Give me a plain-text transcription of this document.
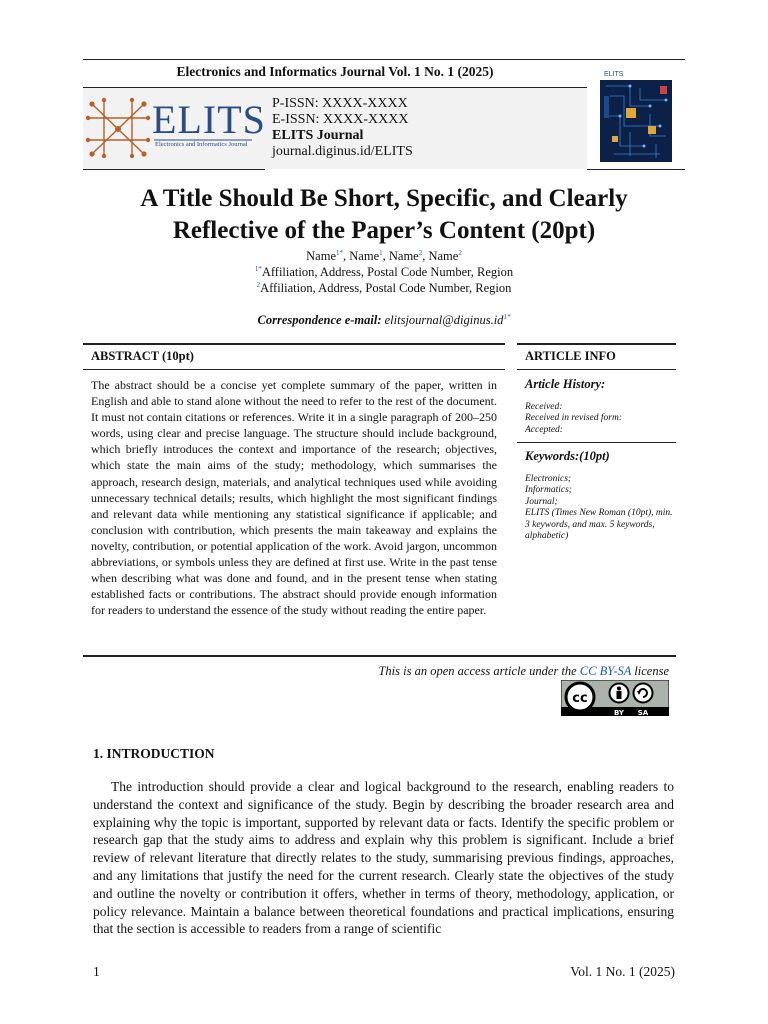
Electronics and Informatics Journal Vol. 1 No. 1 (2025)
ELITS
Electronics and Informatics Journal
P-ISSN: XXXX-XXXX
E-ISSN: XXXX-XXXX
ELITS Journal
journal.diginus.id/ELITS
ELITS
A Title Should Be Short, Specific, and Clearly
Reflective of the Paper’s Content (20pt)
Name$^{1*}$, Name$^1$, Name$^2$, Name$^2$
$^{1*}$Affiliation, Address, Postal Code Number, Region
$^2$Affiliation, Address, Postal Code Number, Region
Correspondence e-mail: $elitsjournal@diginus.id^{1*}$
ABSTRACT (10pt)	ARTICLE INFO
The abstract should be a concise yet complete summary of the paper, written in English and able to stand alone without the need to refer to the rest of the document. It must not contain citations or references. Write it in a single paragraph of 200–250 words, using clear and precise language. The structure should include background, which briefly introduces the context and importance of the research; objectives, which state the main aims of the study; methodology, which summarises the approach, research design, materials, and analytical techniques used while avoiding unnecessary technical details; results, which highlight the most significant findings and relevant data while mentioning any statistical significance if applicable; and conclusion with contribution, which presents the main takeaway and explains the novelty, contribution, or potential application of the work. Avoid jargon, uncommon abbreviations, or symbols unless they are defined at first use. Write in the past tense when describing what was done and found, and in the present tense when stating established facts or contributions. The abstract should provide enough information for readers to understand the essence of the study without reading the entire paper.
Article History:
Received:
Received in revised form:
Accepted:
Keywords:(10pt)
Electronics;
Informatics;
Journal;
ELITS (Times New Roman (10pt), min. 3 keywords, and max. 5 keywords, alphabetic)
This is an open access article under the CC BY-SA license
cc
BY SA
1. INTRODUCTION
The introduction should provide a clear and logical background to the research, enabling readers to understand the context and significance of the study. Begin by describing the broader research area and explaining why the topic is important, supported by relevant data or facts. Identify the specific problem or research gap that the study aims to address and explain why this problem is significant. Include a brief review of relevant literature that directly relates to the study, summarising previous findings, approaches, and any limitations that justify the need for the current research. Clearly state the objectives of the study and outline the novelty or contribution it offers, whether in terms of theory, methodology, application, or policy relevance. Maintain a balance between theoretical foundations and practical implications, ensuring that the section is accessible to readers from a range of scientific
1	Vol. 1 No. 1 (2025)
